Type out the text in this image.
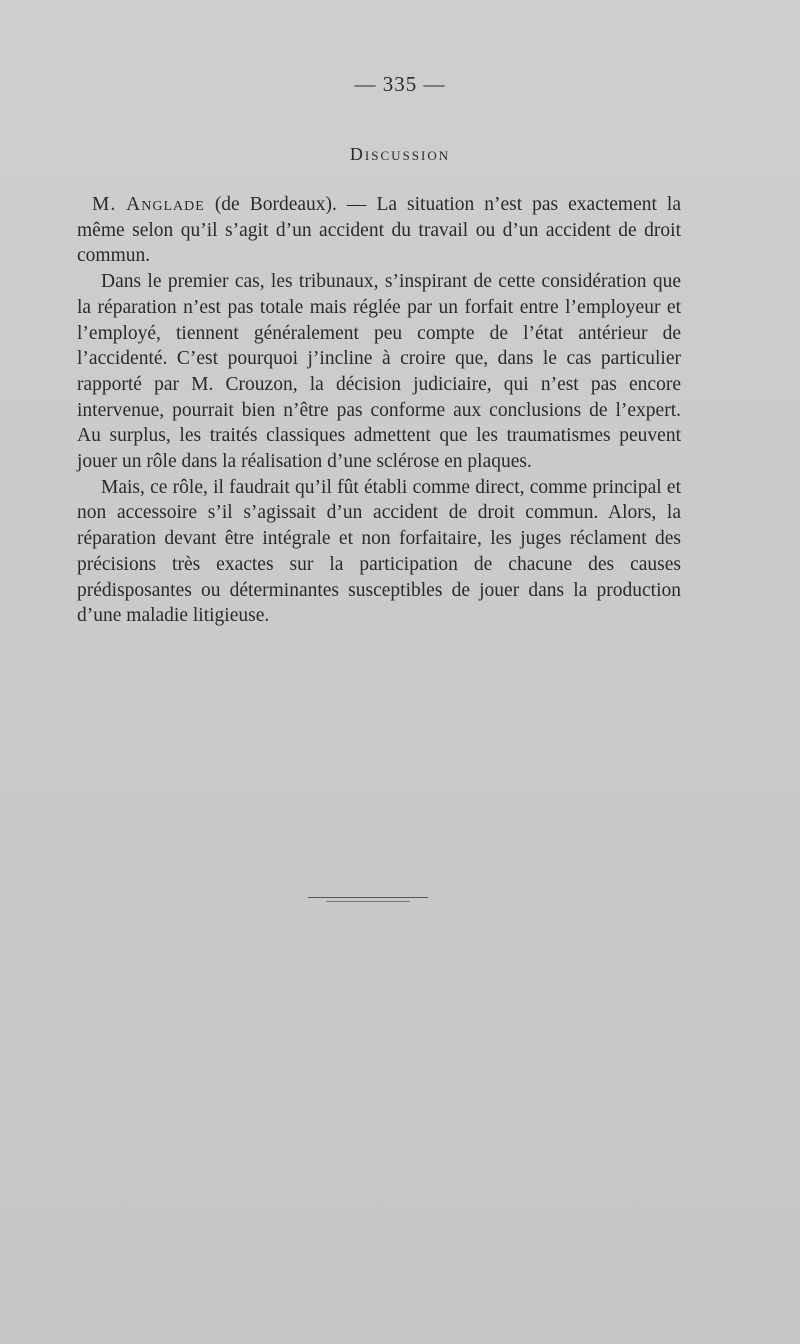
— 335 —
Discussion

M. Anglade (de Bordeaux). — La situation n’est pas exactement la même selon qu’il s’agit d’un accident du travail ou d’un accident de droit commun.

Dans le premier cas, les tribunaux, s’inspirant de cette considération que la réparation n’est pas totale mais réglée par un forfait entre l’employeur et l’employé, tiennent généralement peu compte de l’état antérieur de l’accidenté. C’est pourquoi j’incline à croire que, dans le cas particulier rapporté par M. Crouzon, la décision judiciaire, qui n’est pas encore intervenue, pourrait bien n’être pas conforme aux conclusions de l’expert. Au surplus, les traités classiques admettent que les traumatismes peuvent jouer un rôle dans la réalisation d’une sclérose en plaques.

Mais, ce rôle, il faudrait qu’il fût établi comme direct, comme principal et non accessoire s’il s’agissait d’un accident de droit commun. Alors, la réparation devant être intégrale et non forfaitaire, les juges réclament des précisions très exactes sur la participation de chacune des causes prédisposantes ou déterminantes susceptibles de jouer dans la production d’une maladie litigieuse.
